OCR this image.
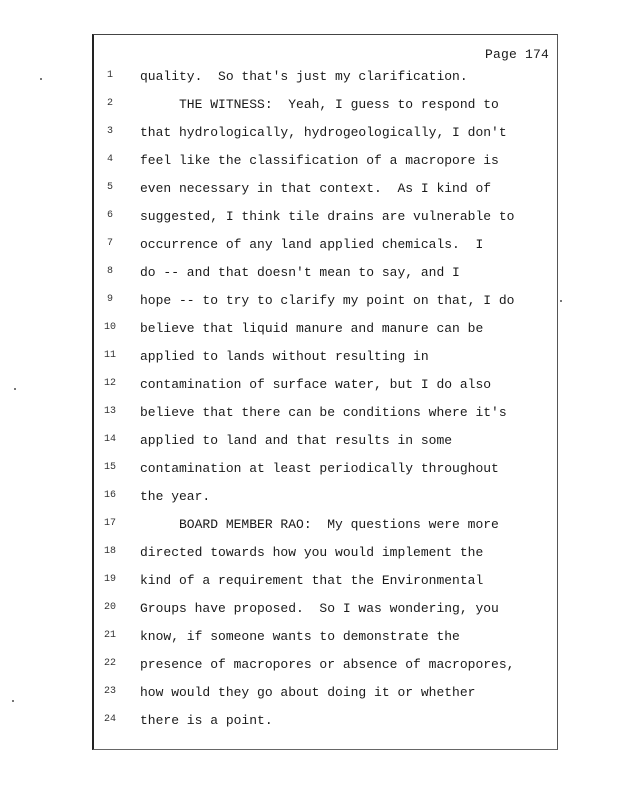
Page 174
1
2
3
4
5
6
7
8
9
10
11
12
13
14
15
16
17
18
19
20
21
22
23
24
quality.  So that's just my clarification.
THE WITNESS:  Yeah, I guess to respond to
that hydrologically, hydrogeologically, I don't
feel like the classification of a macropore is
even necessary in that context.  As I kind of
suggested, I think tile drains are vulnerable to
occurrence of any land applied chemicals.  I
do -- and that doesn't mean to say, and I
hope -- to try to clarify my point on that, I do
believe that liquid manure and manure can be
applied to lands without resulting in
contamination of surface water, but I do also
believe that there can be conditions where it's
applied to land and that results in some
contamination at least periodically throughout
the year.
BOARD MEMBER RAO:  My questions were more
directed towards how you would implement the
kind of a requirement that the Environmental
Groups have proposed.  So I was wondering, you
know, if someone wants to demonstrate the
presence of macropores or absence of macropores,
how would they go about doing it or whether
there is a point.
